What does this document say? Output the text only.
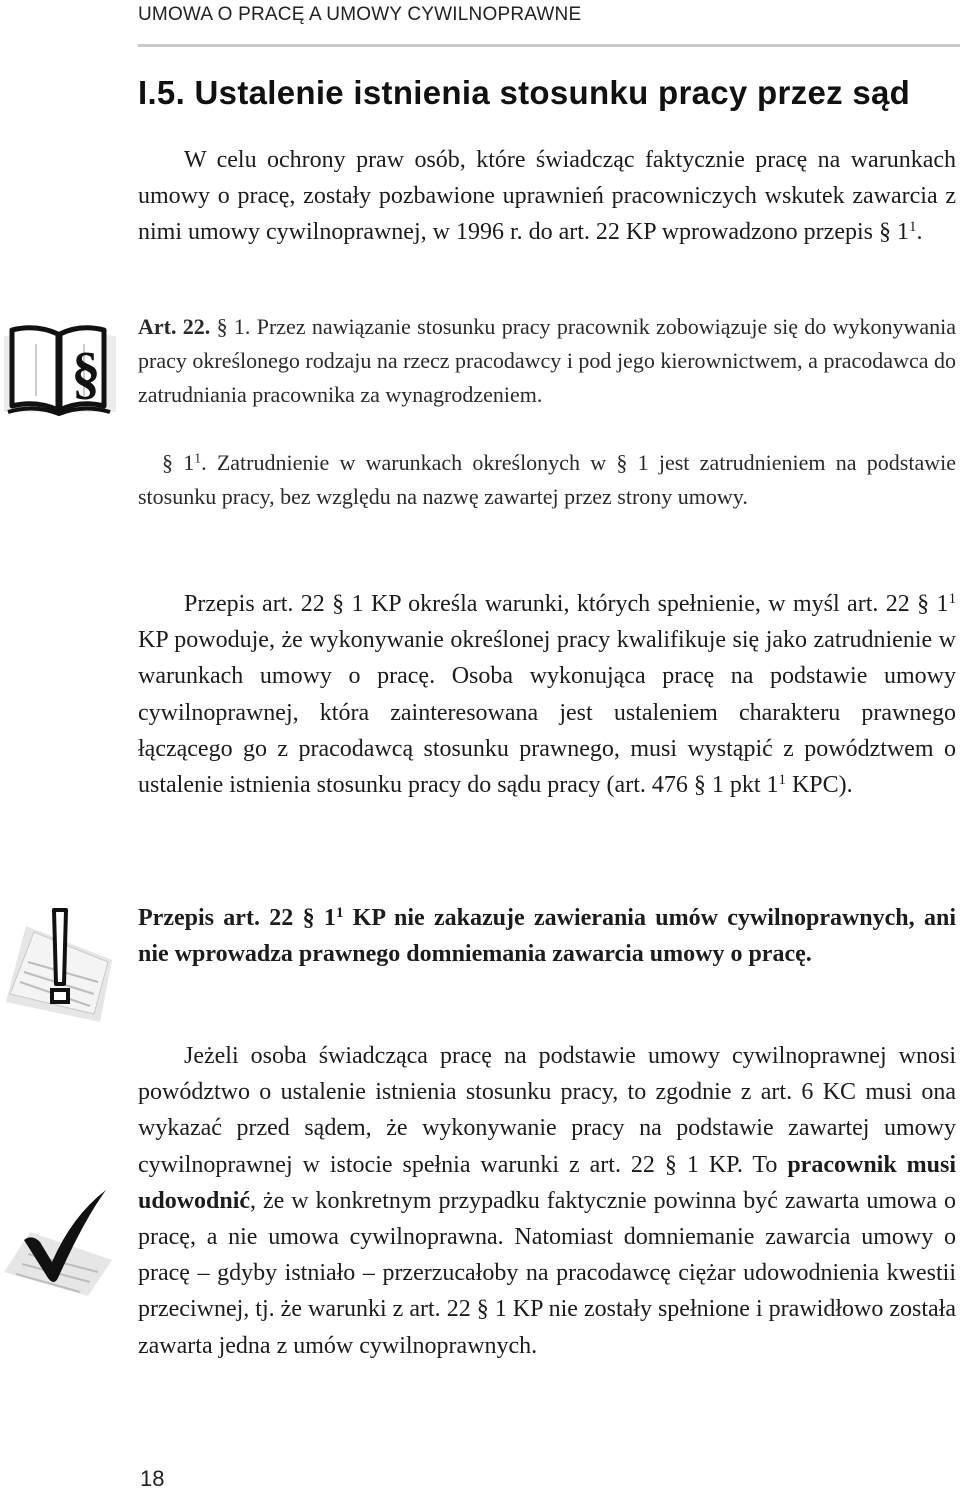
UMOWA O PRACĘ A UMOWY CYWILNOPRAWNE
I.5. Ustalenie istnienia stosunku pracy przez sąd

W celu ochrony praw osób, które świadcząc faktycznie pracę na warunkach umowy o pracę, zostały pozbawione uprawnień pracowniczych wskutek zawarcia z nimi umowy cywilnoprawnej, w 1996 r. do art. 22 KP wprowadzono przepis § $1^1$.

§

Art. 22. § 1. Przez nawiązanie stosunku pracy pracownik zobowiązuje się do wykonywania pracy określonego rodzaju na rzecz pracodawcy i pod jego kierownictwem, a pracodawca do zatrudniania pracownika za wynagrodzeniem.

§ $1^1$. Zatrudnienie w warunkach określonych w § 1 jest zatrudnieniem na podstawie stosunku pracy, bez względu na nazwę zawartej przez strony umowy.

Przepis art. 22 § 1 KP określa warunki, których spełnienie, w myśl art. 22 § $1^1$ KP powoduje, że wykonywanie określonej pracy kwalifikuje się jako zatrudnienie w warunkach umowy o pracę. Osoba wykonująca pracę na podstawie umowy cywilnoprawnej, która zainteresowana jest ustaleniem charakteru prawnego łączącego go z pracodawcą stosunku prawnego, musi wystąpić z powództwem o ustalenie istnienia stosunku pracy do sądu pracy (art. 476 § 1 pkt $1^1$ KPC).

Przepis art. 22 § $1^1$ KP nie zakazuje zawierania umów cywilnoprawnych, ani nie wprowadza prawnego domniemania zawarcia umowy o pracę.

Jeżeli osoba świadcząca pracę na podstawie umowy cywilnoprawnej wnosi powództwo o ustalenie istnienia stosunku pracy, to zgodnie z art. 6 KC musi ona wykazać przed sądem, że wykonywanie pracy na podstawie zawartej umowy cywilnoprawnej w istocie spełnia warunki z art. 22 § 1 KP. To pracownik musi udowodnić, że w konkretnym przypadku faktycznie powinna być zawarta umowa o pracę, a nie umowa cywilnoprawna. Natomiast domniemanie zawarcia umowy o pracę – gdyby istniało – przerzucałoby na pracodawcę ciężar udowodnienia kwestii przeciwnej, tj. że warunki z art. 22 § 1 KP nie zostały spełnione i prawidłowo została zawarta jedna z umów cywilnoprawnych.

18
